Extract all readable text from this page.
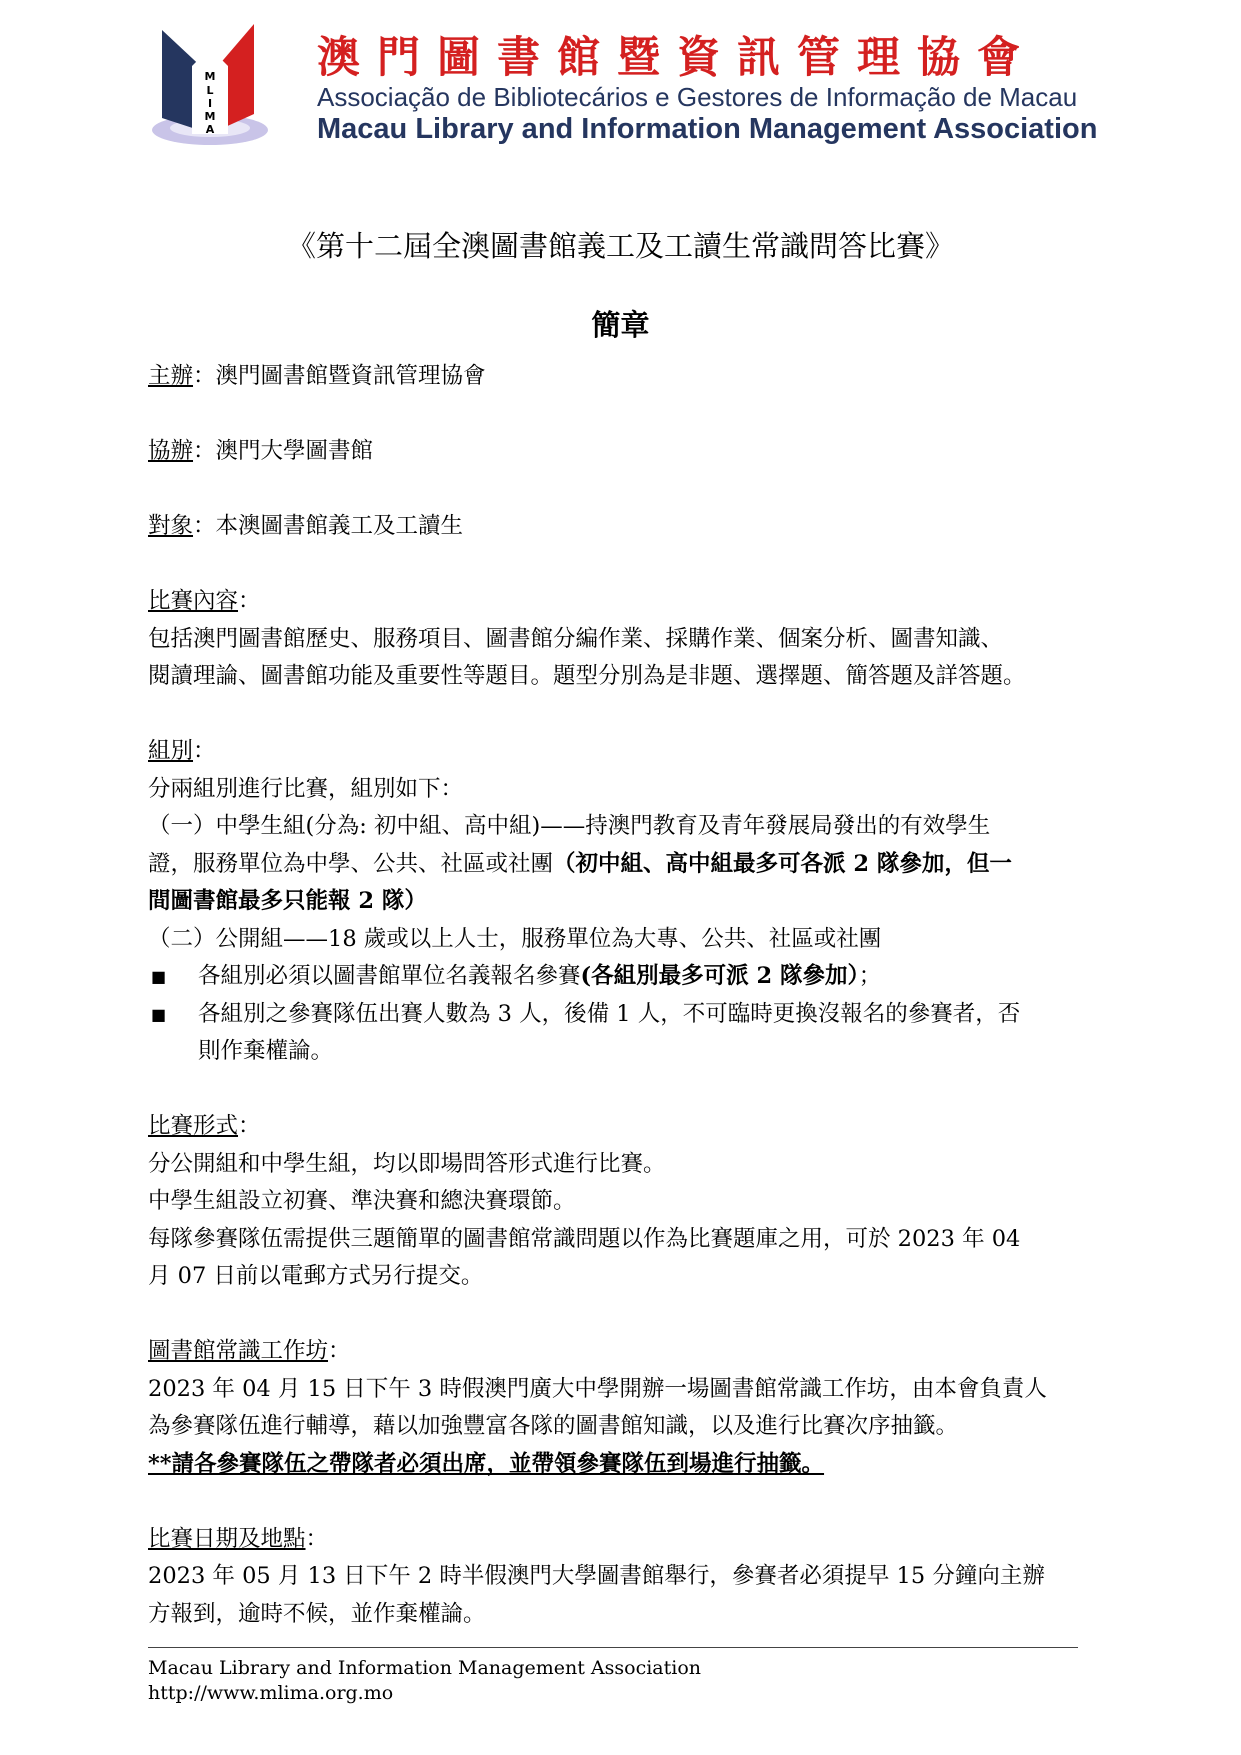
M
L
I
M
A
澳門圖書館暨資訊管理協會
Associação de Bibliotecários e Gestores de Informação de Macau
Macau Library and Information Management Association
《第十二屆全澳圖書館義工及工讀生常識問答比賽》
簡章

主辦：澳門圖書館暨資訊管理協會

協辦：澳門大學圖書館

對象：本澳圖書館義工及工讀生

比賽內容：

包括澳門圖書館歷史、服務項目、圖書館分編作業、採購作業、個案分析、圖書知識、

閱讀理論、圖書館功能及重要性等題目。題型分別為是非題、選擇題、簡答題及詳答題。

組別：

分兩組別進行比賽，組別如下：

（一）中學生組(分為: 初中組、高中組)——持澳門教育及青年發展局發出的有效學生

證，服務單位為中學、公共、社區或社團（初中組、高中組最多可各派 2 隊參加，但一

間圖書館最多只能報 2 隊）

（二）公開組——18 歲或以上人士，服務單位為大專、公共、社區或社團

■ 各組別必須以圖書館單位名義報名參賽(各組別最多可派 2 隊參加）；

■ 各組別之參賽隊伍出賽人數為 3 人，後備 1 人，不可臨時更換沒報名的參賽者，否

則作棄權論。

比賽形式：

分公開組和中學生組，均以即場問答形式進行比賽。

中學生組設立初賽、準決賽和總決賽環節。

每隊參賽隊伍需提供三題簡單的圖書館常識問題以作為比賽題庫之用，可於 2023 年 04

月 07 日前以電郵方式另行提交。

圖書館常識工作坊：

2023 年 04 月 15 日下午 3 時假澳門廣大中學開辦一場圖書館常識工作坊，由本會負責人

為參賽隊伍進行輔導，藉以加強豐富各隊的圖書館知識，以及進行比賽次序抽籤。

**請各參賽隊伍之帶隊者必須出席，並帶領參賽隊伍到場進行抽籤。

比賽日期及地點：

2023 年 05 月 13 日下午 2 時半假澳門大學圖書館舉行，參賽者必須提早 15 分鐘向主辦

方報到，逾時不候，並作棄權論。

Macau Library and Information Management Association
http://www.mlima.org.mo
